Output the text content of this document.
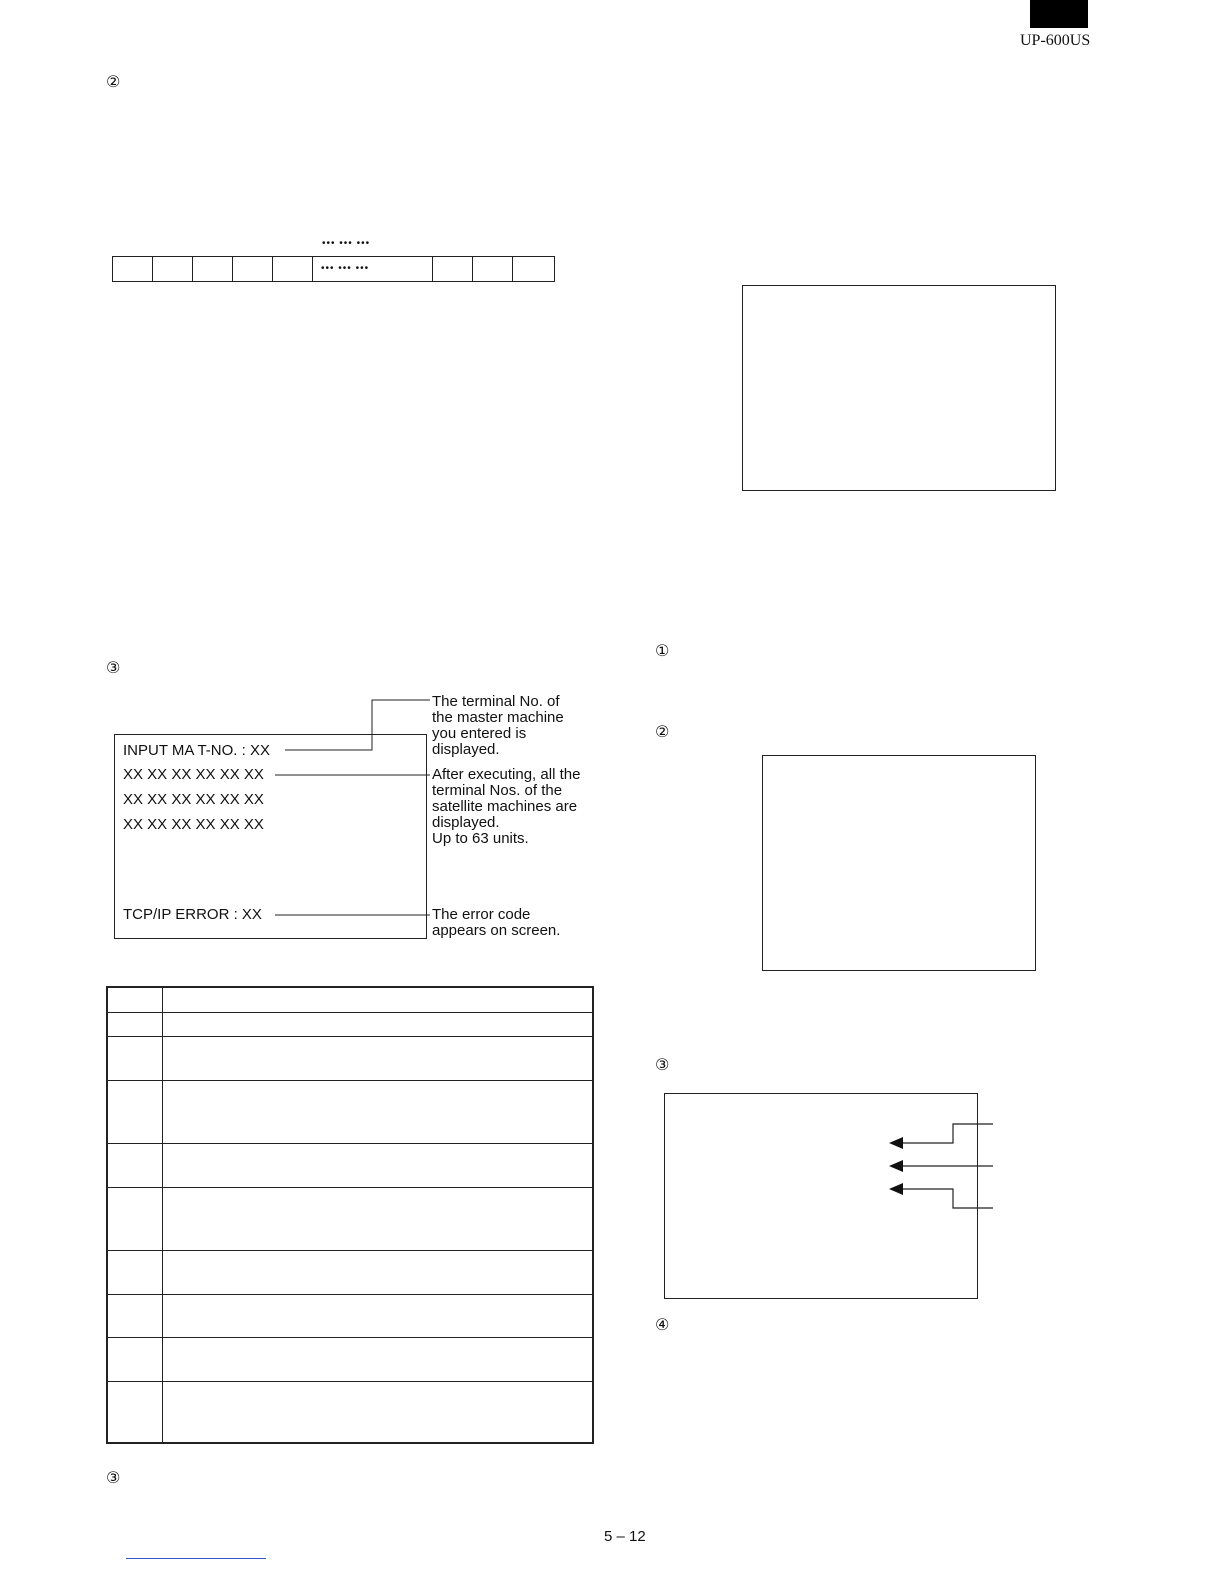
UP-600US
②
③
③
••• ••• •••
••• ••• •••
INPUT MA T-NO. : XX
XX XX XX XX XX XX
XX XX XX XX XX XX
XX XX XX XX XX XX
TCP/IP ERROR : XX
The terminal No. of
the master machine
you entered is
displayed.
After executing, all the
terminal Nos. of the
satellite machines are
displayed.
Up to 63 units.
The error code
appears on screen.
①
②
③
④
5 – 12
